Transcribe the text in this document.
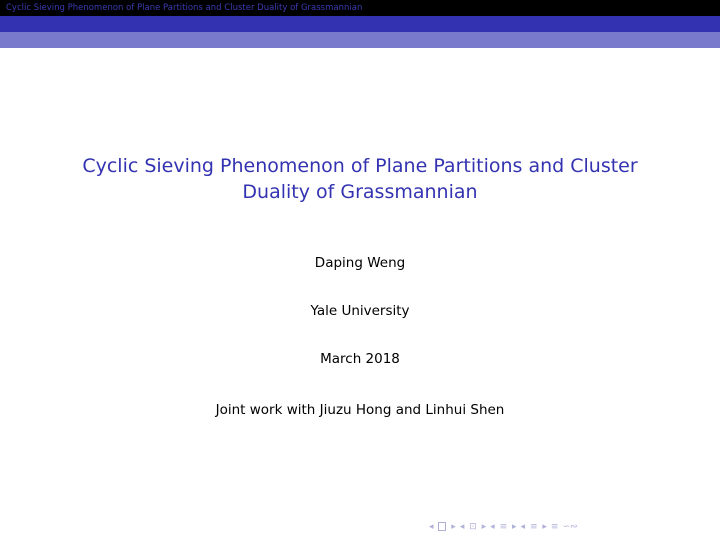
Cyclic Sieving Phenomenon of Plane Partitions and Cluster Duality of Grassmannian
Cyclic Sieving Phenomenon of Plane Partitions and Cluster Duality of Grassmannian
Daping Weng
Yale University
March 2018
Joint work with Jiuzu Hong and Linhui Shen
◂ ▸ ◂ ⊡ ▸ ◂ ≡ ▸ ◂ ≡ ▸ ≡ ∽∾
